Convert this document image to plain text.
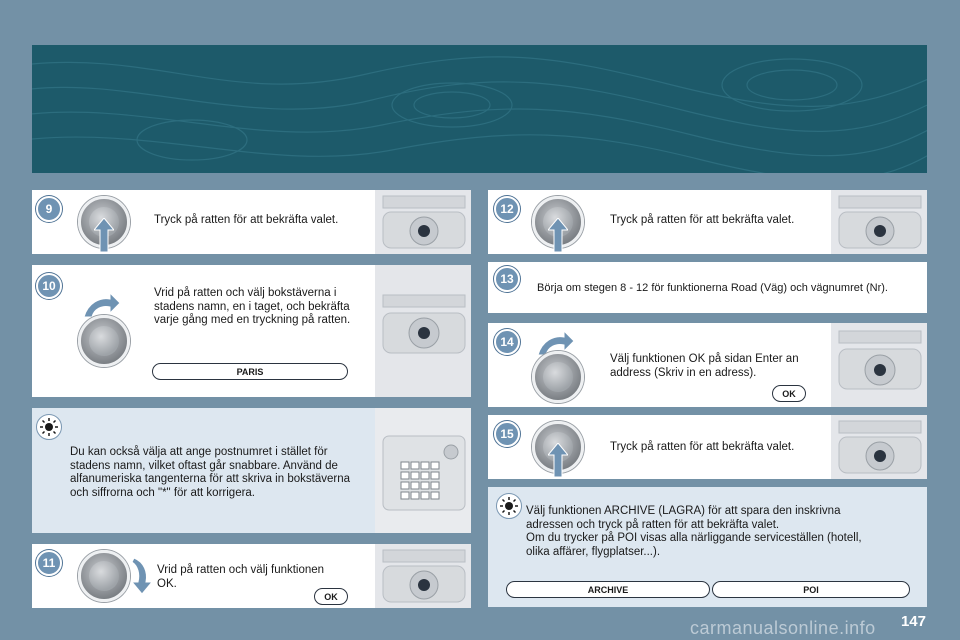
9
Tryck på ratten för att bekräfta valet.
10	Vrid på ratten och välj bokstäverna i stadens namn, en i taget, och bekräfta varje gång med en tryckning på ratten.
PARIS
Du kan också välja att ange postnumret i stället för stadens namn, vilket oftast går snabbare. Använd de alfanumeriska tangenterna för att skriva in bokstäverna och siffrorna och "*" för att korrigera.
11	Vrid på ratten och välj funktionen OK.
OK
12
Tryck på ratten för att bekräfta valet.
13
Börja om stegen 8 - 12 för funktionerna Road (Väg) och vägnumret (Nr).
14
Välj funktionen OK på sidan Enter an address (Skriv in en adress).
OK
15
Tryck på ratten för att bekräfta valet.
Välj funktionen ARCHIVE (LAGRA) för att spara den inskrivna adressen och tryck på ratten för att bekräfta valet.
Om du trycker på POI visas alla närliggande serviceställen (hotell, olika affärer, flygplatser...).
ARCHIVE	POI
147
carmanualsonline.info
